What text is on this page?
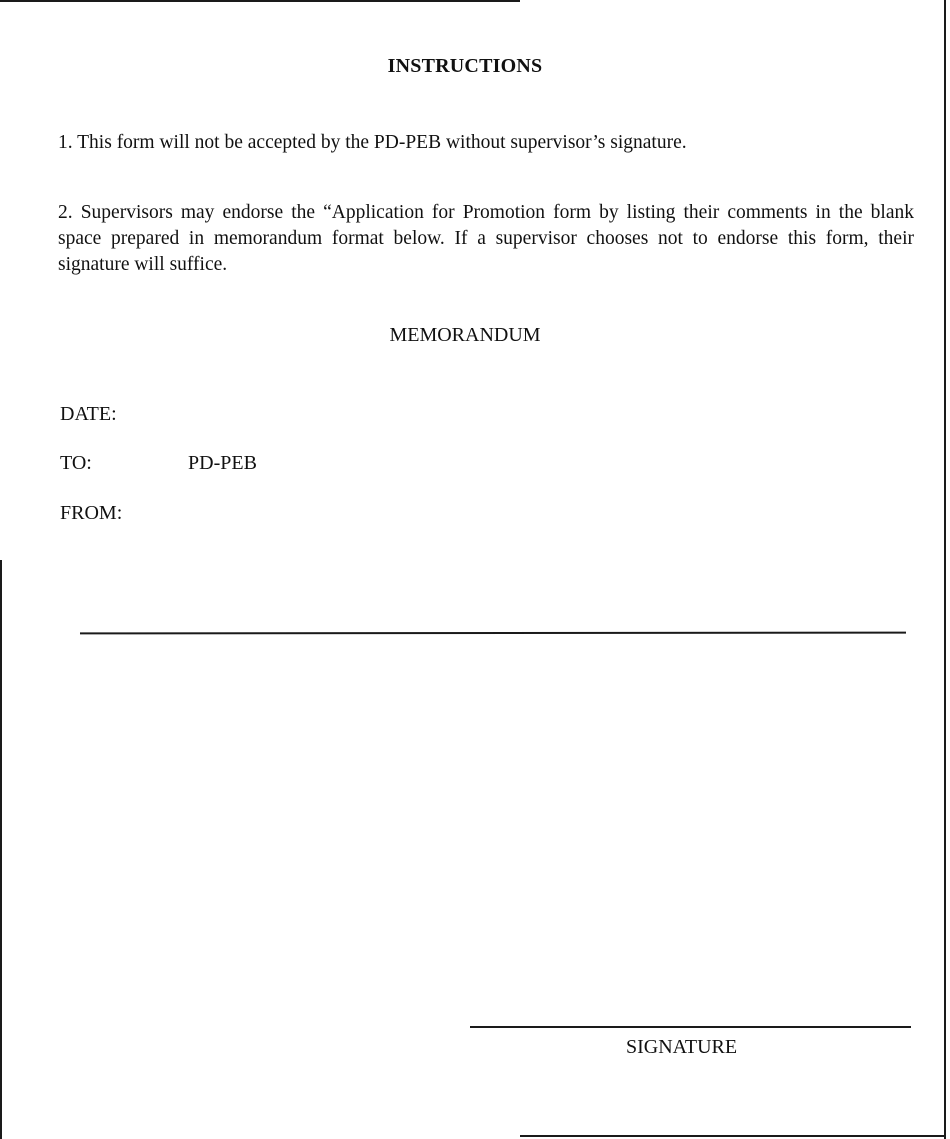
INSTRUCTIONS
1. This form will not be accepted by the PD-PEB without supervisor’s signature.
2. Supervisors may endorse the “Application for Promotion form by listing their comments in the blank space prepared in memorandum format below. If a supervisor chooses not to endorse this form, their signature will suffice.
MEMORANDUM
DATE:
TO:	PD-PEB
FROM:
SIGNATURE
